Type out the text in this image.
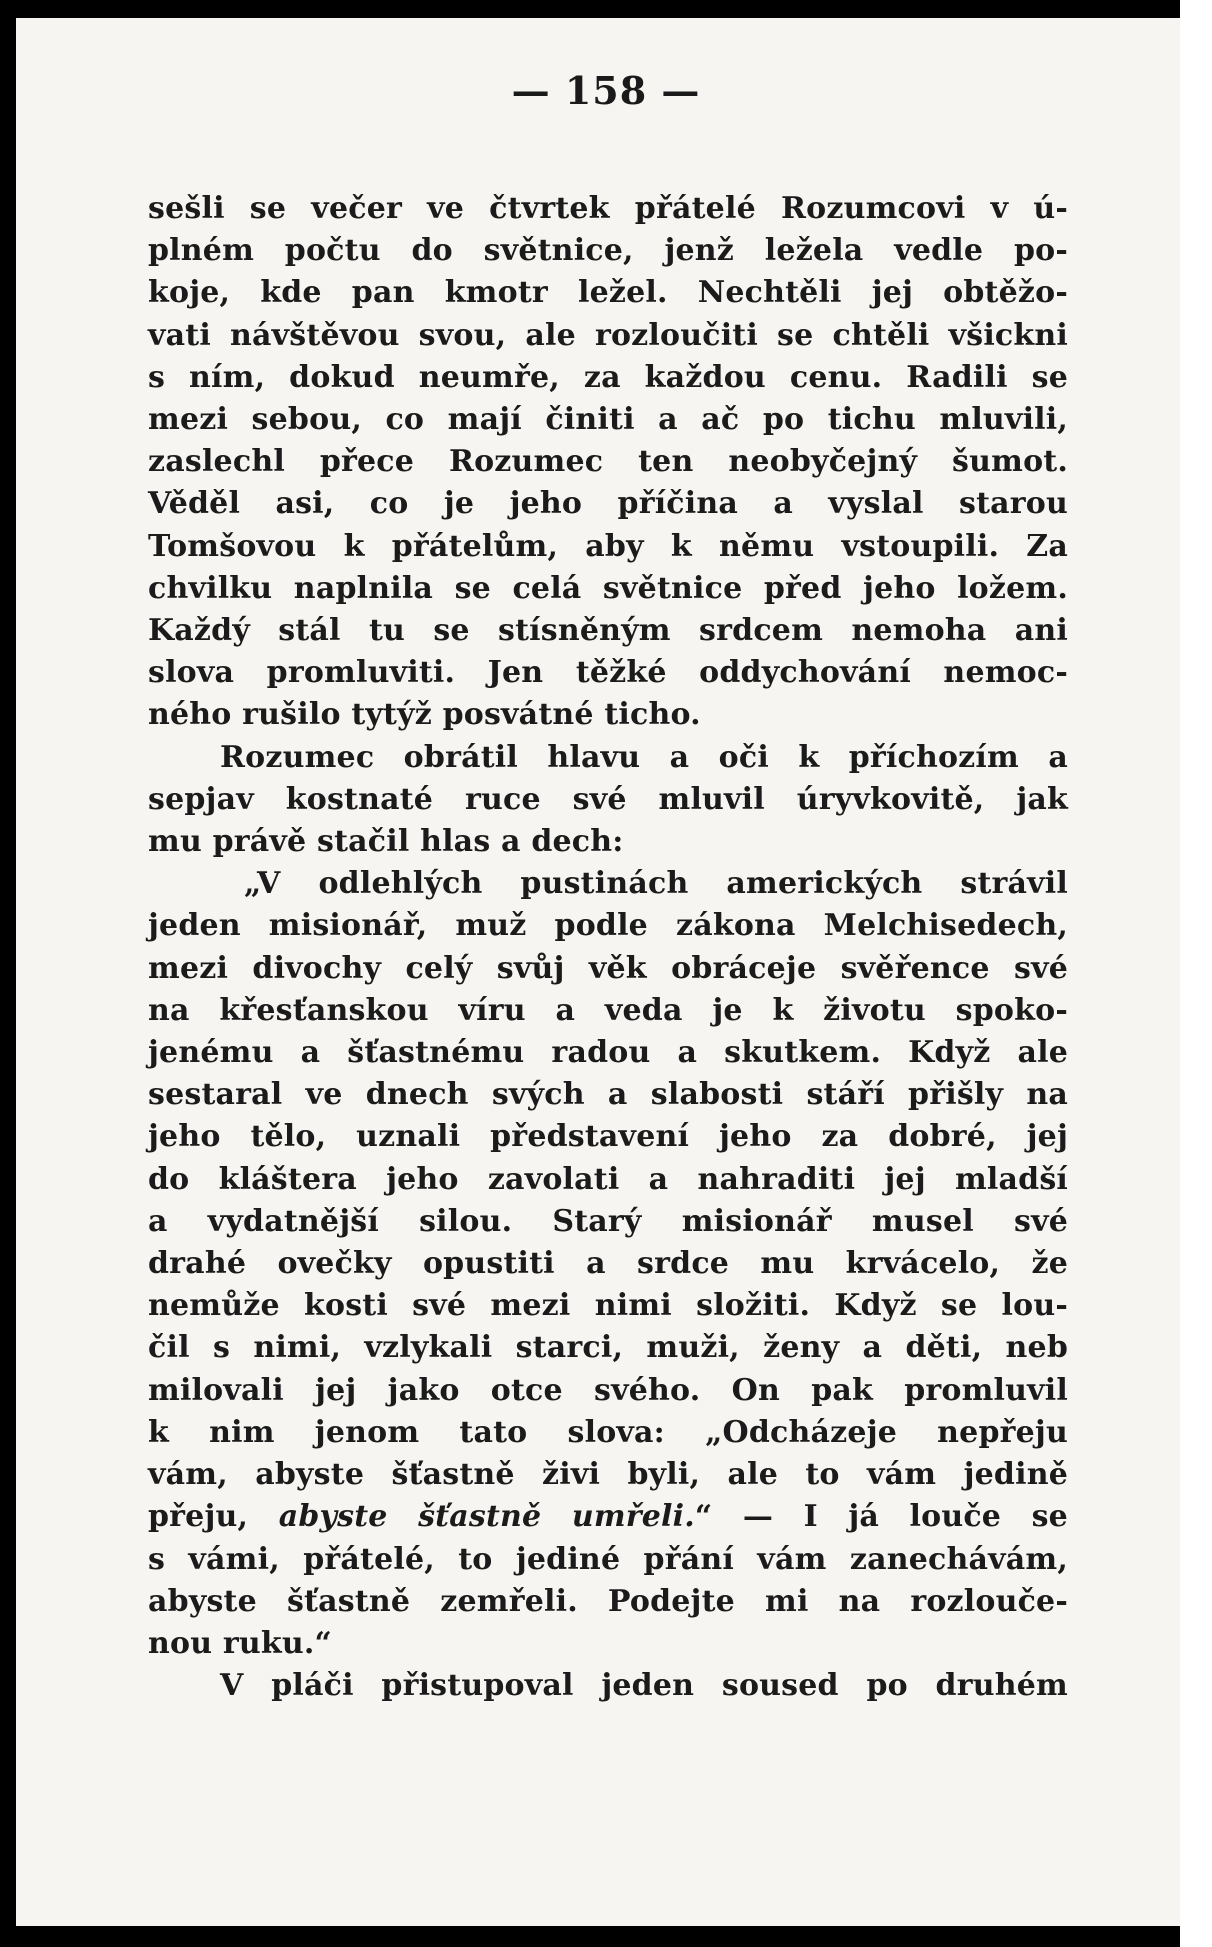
— 158 —
sešli se večer ve čtvrtek přátelé Rozumcovi v ú-
plném počtu do světnice, jenž ležela vedle po-
koje, kde pan kmotr ležel. Nechtěli jej obtěžo-
vati návštěvou svou, ale rozloučiti se chtěli všickni
s ním, dokud neumře, za každou cenu. Radili se
mezi sebou, co mají činiti a ač po tichu mluvili,
zaslechl přece Rozumec ten neobyčejný šumot.
Věděl asi, co je jeho příčina a vyslal starou
Tomšovou k přátelům, aby k němu vstoupili. Za
chvilku naplnila se celá světnice před jeho ložem.
Každý stál tu se stísněným srdcem nemoha ani
slova promluviti. Jen těžké oddychování nemoc-
ného rušilo tytýž posvátné ticho.
Rozumec obrátil hlavu a oči k příchozím a
sepjav kostnaté ruce své mluvil úryvkovitě, jak
mu právě stačil hlas a dech:
„V odlehlých pustinách amerických strávil
jeden misionář, muž podle zákona Melchisedech,
mezi divochy celý svůj věk obráceje svěřence své
na křesťanskou víru a veda je k životu spoko-
jenému a šťastnému radou a skutkem. Když ale
sestaral ve dnech svých a slabosti stáří přišly na
jeho tělo, uznali představení jeho za dobré, jej
do kláštera jeho zavolati a nahraditi jej mladší
a vydatnější silou. Starý misionář musel své
drahé ovečky opustiti a srdce mu krvácelo, že
nemůže kosti své mezi nimi složiti. Když se lou-
čil s nimi, vzlykali starci, muži, ženy a děti, neb
milovali jej jako otce svého. On pak promluvil
k nim jenom tato slova: „Odcházeje nepřeju
vám, abyste šťastně živi byli, ale to vám jedině
přeju, abyste šťastně umřeli.“ — I já louče se
s vámi, přátelé, to jediné přání vám zanechávám,
abyste šťastně zemřeli. Podejte mi na rozlouče-
nou ruku.“
V pláči přistupoval jeden soused po druhém
